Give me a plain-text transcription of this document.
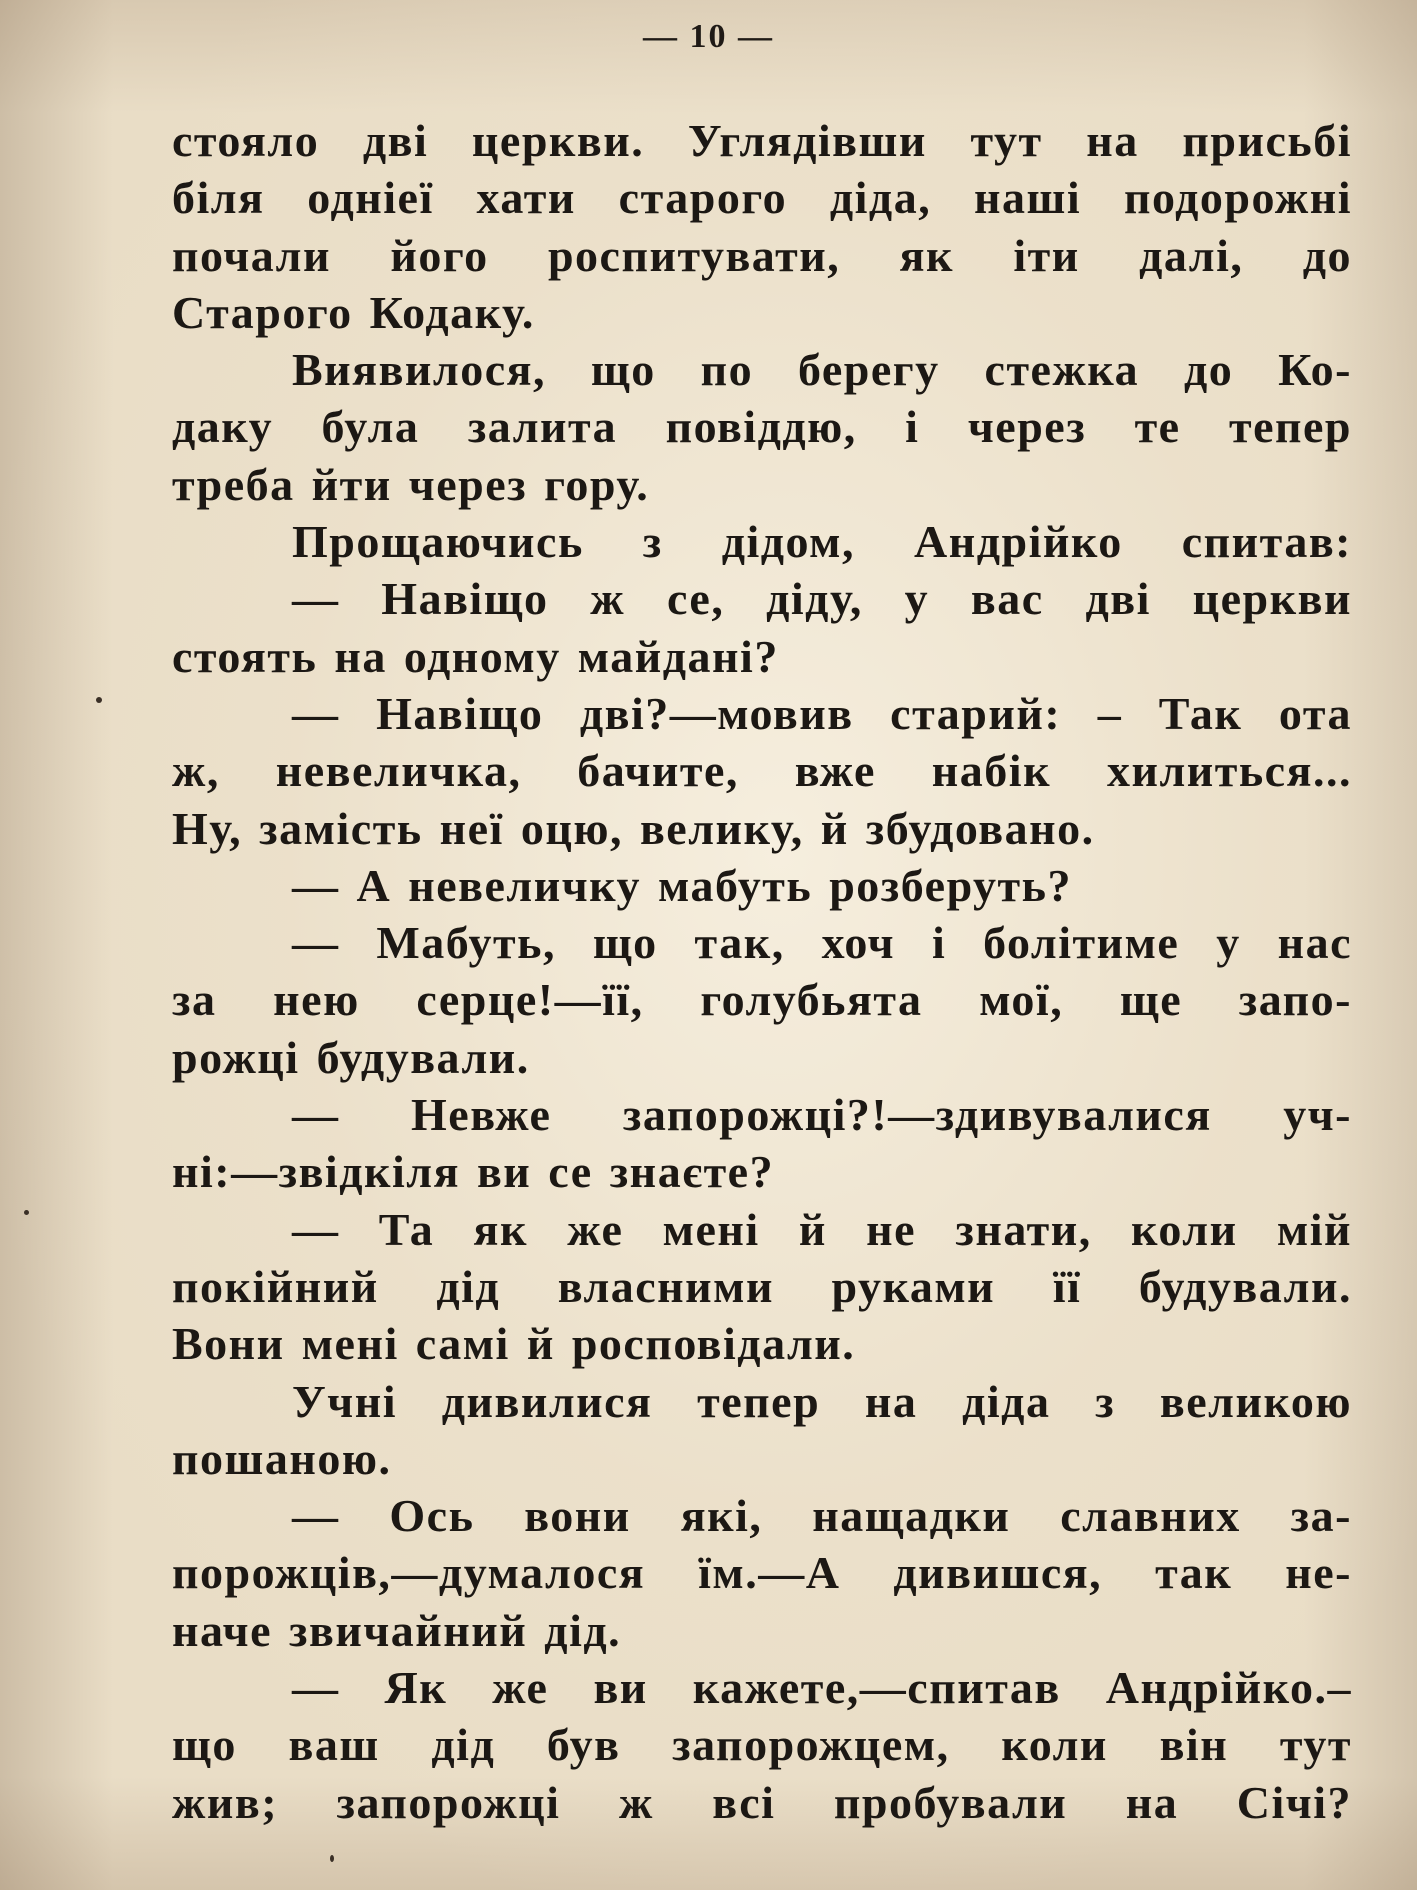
— 10 —
стояло дві церкви. Углядівши тут на присьбі
біля одніеї хати старого діда, наші подорожні
почали його роспитувати, як іти далі, до
Старого Кодаку.
Виявилося, що по берегу стежка до Ко-
даку була залита повіддю, і через те тепер
треба йти через гору.
Прощаючись з дідом, Андрійко спитав:
— Навіщо ж се, діду, у вас дві церкви
стоять на одному майдані?
— Навіщо дві?—мовив старий: – Так ота
ж, невеличка, бачите, вже набік хилиться...
Ну, замість неї оцю, велику, й збудовано.
— А невеличку мабуть розберуть?
— Мабуть, що так, хоч і болітиме у нас
за нею серце!—її, голубьята мої, ще запо-
рожці будували.
— Невже запорожці?!—здивувалися уч-
ні:—звідкіля ви се знаєте?
— Та як же мені й не знати, коли мій
покійний дід власними руками її будували.
Вони мені самі й росповідали.
Учні дивилися тепер на діда з великою
пошаною.
— Ось вони які, нащадки славних за-
порожців,—думалося їм.—А дивишся, так не-
наче звичайний дід.
— Як же ви кажете,—спитав Андрійко.–
що ваш дід був запорожцем, коли він тут
жив; запорожці ж всі пробували на Січі?
